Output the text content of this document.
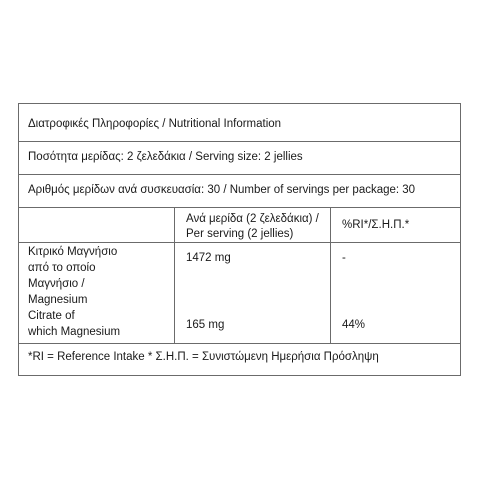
Διατροφικές Πληροφορίες / Nutritional Information
Ποσότητα μερίδας: 2 ζελεδάκια / Serving size: 2 jellies
Αριθμός μερίδων ανά συσκευασία: 30 / Number of servings per package: 30
Ανά μερίδα (2 ζελεδάκια) /
Per serving (2 jellies)
%RI*/Σ.Η.Π.*
Κιτρικό Μαγνήσιο
από το οποίο
Μαγνήσιο /
Magnesium
Citrate of
which Magnesium
1472 mg	-
165 mg	44%
*RI = Reference Intake * Σ.Η.Π. = Συνιστώμενη Ημερήσια Πρόσληψη
